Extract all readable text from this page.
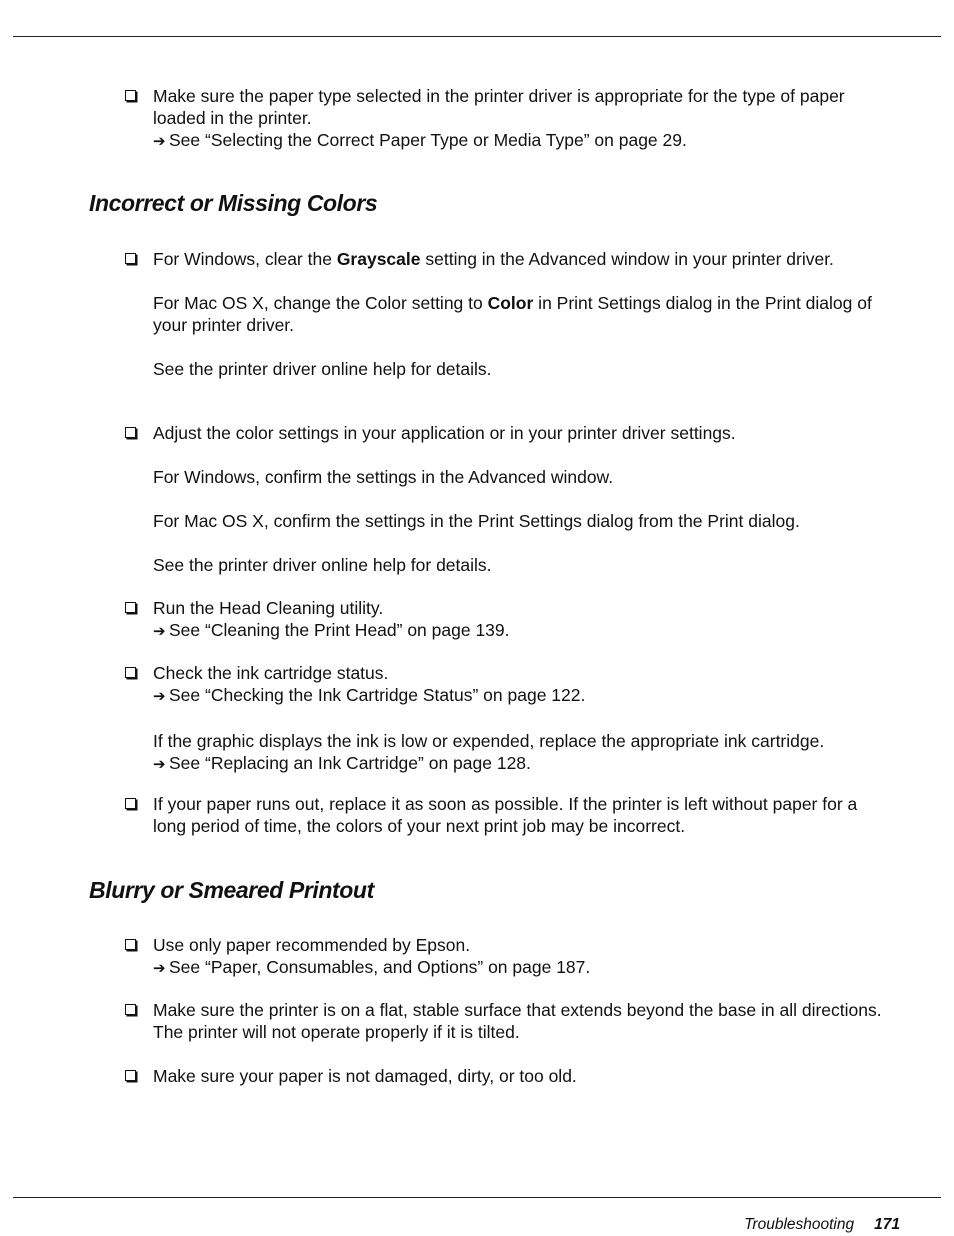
Make sure the paper type selected in the printer driver is appropriate for the type of paper loaded in the printer.

➔ See “Selecting the Correct Paper Type or Media Type” on page 29.
Incorrect or Missing Colors

For Windows, clear the Grayscale setting in the Advanced window in your printer driver.

For Mac OS X, change the Color setting to Color in Print Settings dialog in the Print dialog of your printer driver.

See the printer driver online help for details.

Adjust the color settings in your application or in your printer driver settings.

For Windows, confirm the settings in the Advanced window.

For Mac OS X, confirm the settings in the Print Settings dialog from the Print dialog.

See the printer driver online help for details.

Run the Head Cleaning utility.

➔ See “Cleaning the Print Head” on page 139.

Check the ink cartridge status.

➔ See “Checking the Ink Cartridge Status” on page 122.

If the graphic displays the ink is low or expended, replace the appropriate ink cartridge.

➔ See “Replacing an Ink Cartridge” on page 128.

If your paper runs out, replace it as soon as possible. If the printer is left without paper for a long period of time, the colors of your next print job may be incorrect.

Blurry or Smeared Printout

Use only paper recommended by Epson.

➔ See “Paper, Consumables, and Options” on page 187.

Make sure the printer is on a flat, stable surface that extends beyond the base in all directions. The printer will not operate properly if it is tilted.

Make sure your paper is not damaged, dirty, or too old.

Troubleshooting 171
